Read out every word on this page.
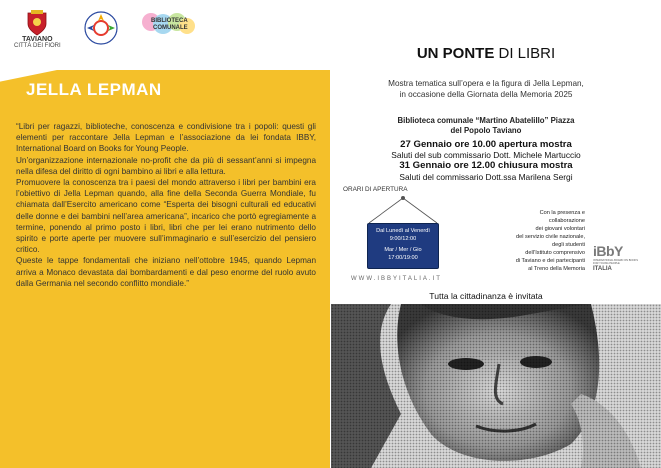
TAVIANO
CITTÀ DEI FIORI
BIBLIOTECA
COMUNALE
JELLA LEPMAN

“Libri per ragazzi, biblioteche, conoscenza e condivisione tra i popoli: questi gli elementi per raccontare Jella Lepman e l’associazione da lei fondata IBBY, International Board on Books for Young People.

Un’organizzazione internazionale no-profit che da più di sessant’anni si impegna nella difesa del diritto di ogni bambino ai libri e alla lettura.

Promuovere la conoscenza tra i paesi del mondo attraverso i libri per bambini era l’obiettivo di Jella Lepman quando, alla fine della Seconda Guerra Mondiale, fu chiamata dall’Esercito americano come “Esperta dei bisogni culturali ed educativi delle donne e dei bambini nell’area americana”, incarico che portò egregiamente a termine, ponendo al primo posto i libri, libri che per lei erano nutrimento dello spirito e porte aperte per muovere sull’immaginario e sull’esercizio del pensiero critico.

Queste le tappe fondamentali che iniziano nell’ottobre 1945, quando Lepman arriva a Monaco devastata dai bombardamenti e dal peso enorme del ruolo avuto dalla Germania nel secondo conflitto mondiale.”

UN PONTE DI LIBRI
Mostra tematica sull’opera e la figura di Jella Lepman,
in occasione della Giornata della Memoria 2025
Biblioteca comunale “Martino Abatelillo” Piazza
del Popolo Taviano
27 Gennaio ore 10.00 apertura mostra
Saluti del sub commissario Dott. Michele Martuccio
31 Gennaio ore 12.00 chiusura mostra
Saluti del commissario Dott.ssa Marilena Sergi
ORARI DI APERTURA
Dal Lunedì al Venerdì
9:00/12:00
Mar / Mer / Gio
17:00/19:00
WWW.IBBYITALIA.IT
Con la presenza e
collaborazione
dei giovani volontari
del servizio civile nazionale,
degli studenti
dell’Istituto comprensivo
di Taviano e dei partecipanti
al Treno della Memoria
iBbY
INTERNATIONAL BOARD ON BOOKS FOR YOUNG PEOPLE
ITALIA
Tutta la cittadinanza è invitata
